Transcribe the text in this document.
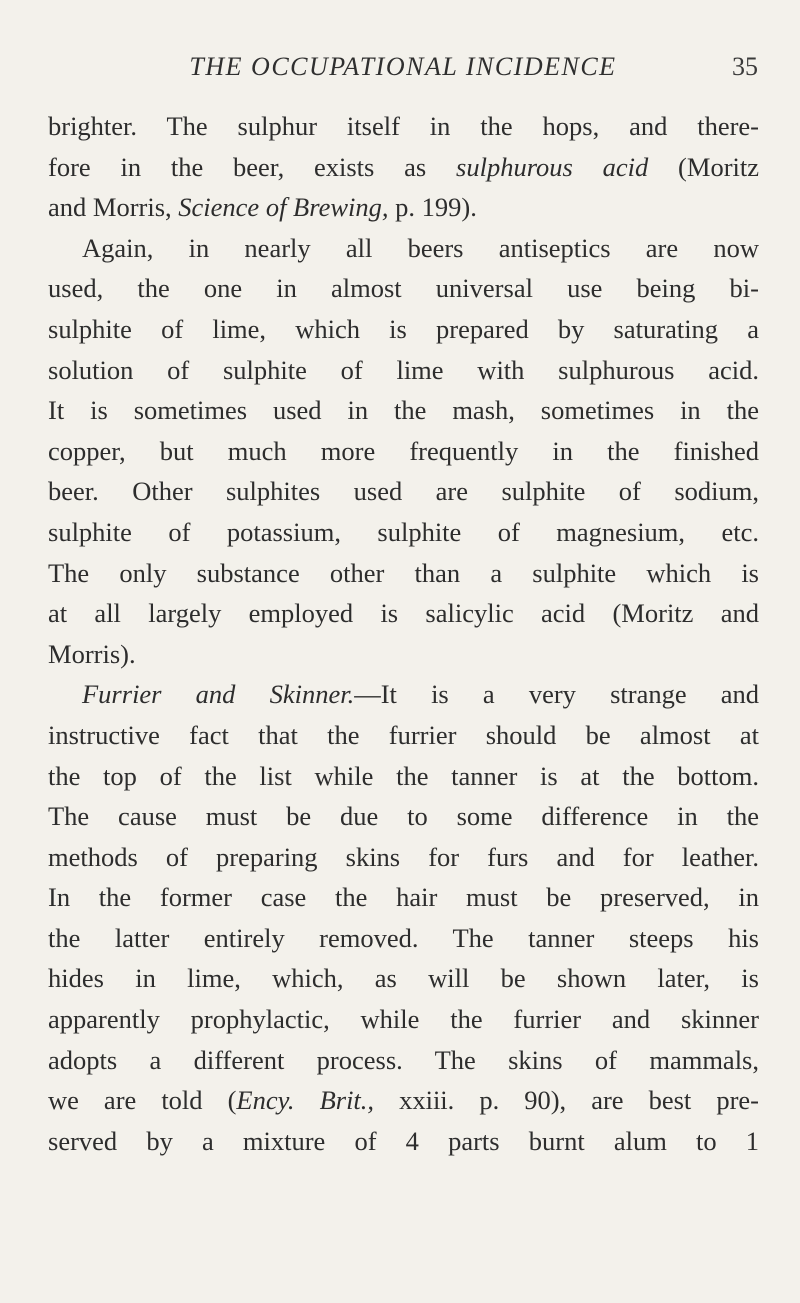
THE OCCUPATIONAL INCIDENCE	35
brighter. The sulphur itself in the hops, and there-
fore in the beer, exists as sulphurous acid (Moritz
and Morris, Science of Brewing, p. 199).
Again, in nearly all beers antiseptics are now
used, the one in almost universal use being bi-
sulphite of lime, which is prepared by saturating a
solution of sulphite of lime with sulphurous acid.
It is sometimes used in the mash, sometimes in the
copper, but much more frequently in the finished
beer. Other sulphites used are sulphite of sodium,
sulphite of potassium, sulphite of magnesium, etc.
The only substance other than a sulphite which is
at all largely employed is salicylic acid (Moritz and
Morris).
Furrier and Skinner.—It is a very strange and
instructive fact that the furrier should be almost at
the top of the list while the tanner is at the bottom.
The cause must be due to some difference in the
methods of preparing skins for furs and for leather.
In the former case the hair must be preserved, in
the latter entirely removed. The tanner steeps his
hides in lime, which, as will be shown later, is
apparently prophylactic, while the furrier and skinner
adopts a different process. The skins of mammals,
we are told (Ency. Brit., xxiii. p. 90), are best pre-
served by a mixture of 4 parts burnt alum to 1
